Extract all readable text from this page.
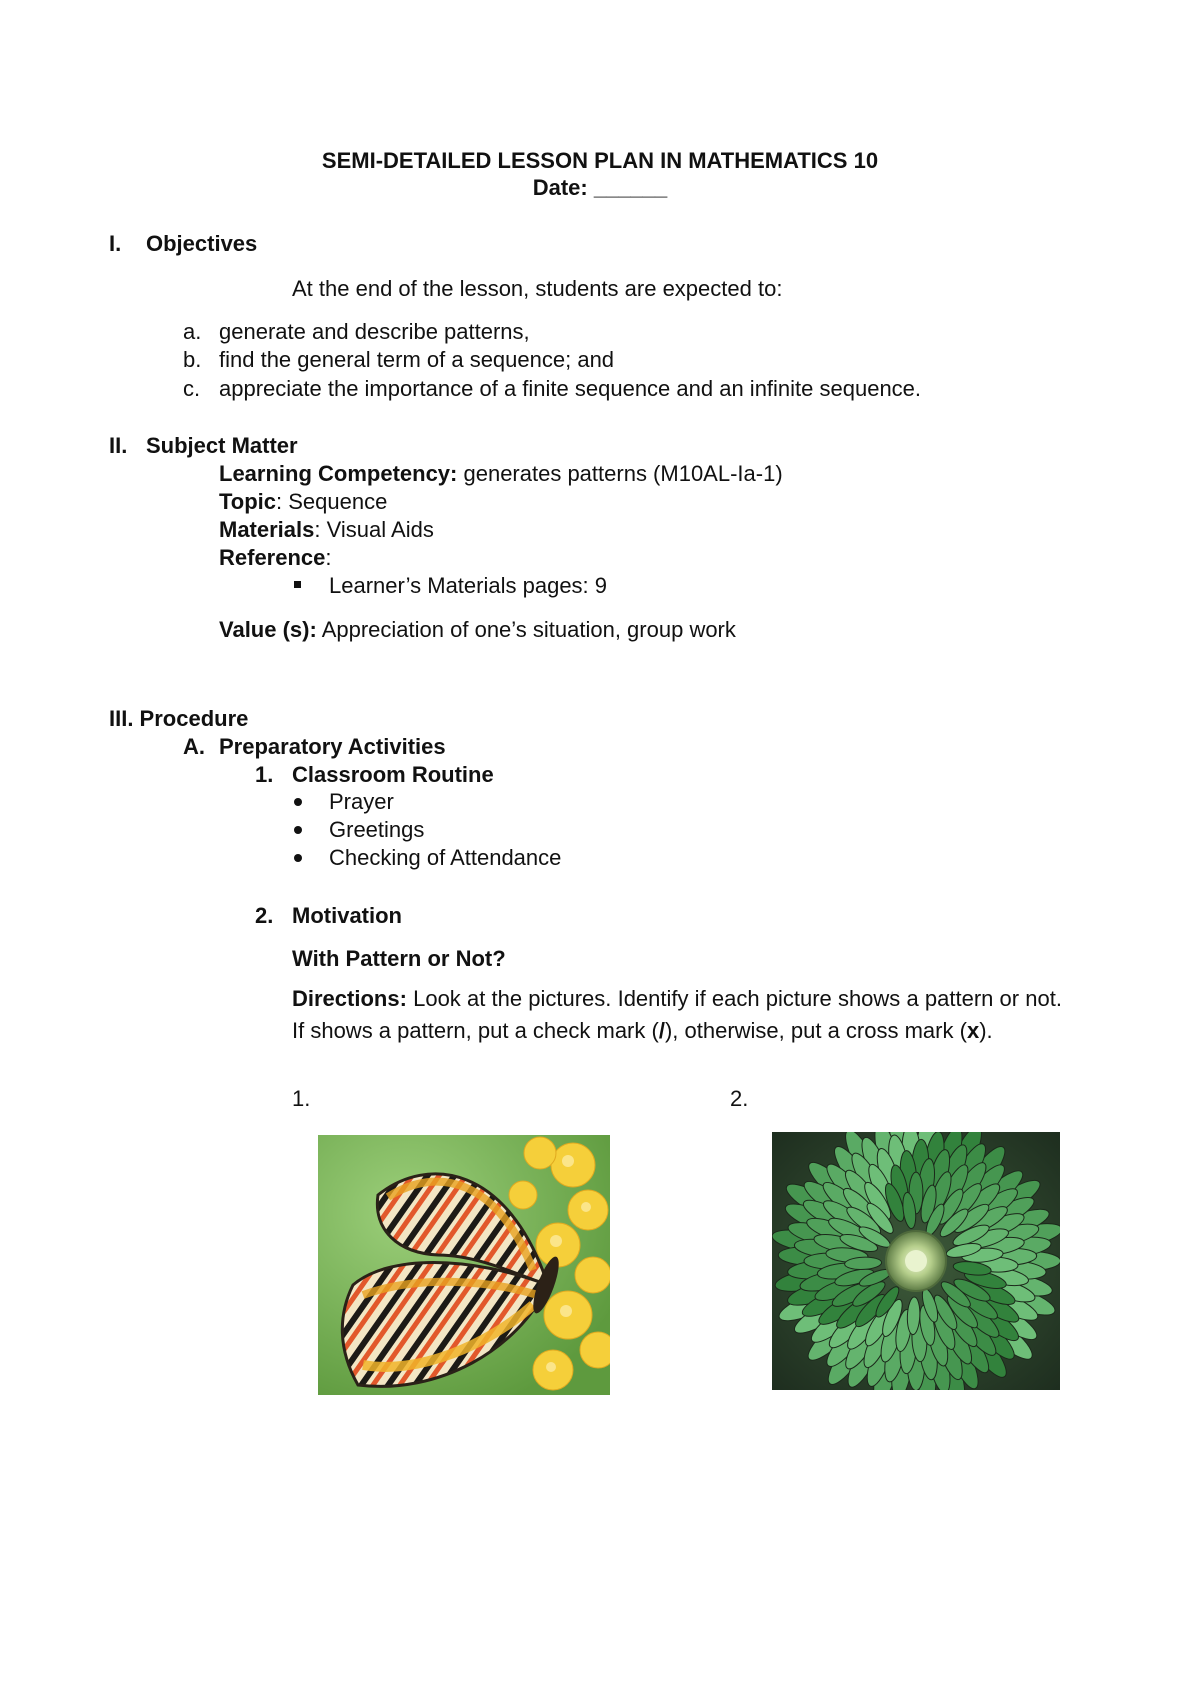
SEMI-DETAILED LESSON PLAN IN MATHEMATICS 10
Date: ______
I. Objectives
At the end of the lesson, students are expected to:
a. generate and describe patterns,
b. find the general term of a sequence; and
c. appreciate the importance of a finite sequence and an infinite sequence.
II. Subject Matter
Learning Competency: generates patterns (M10AL-Ia-1)
Topic: Sequence
Materials: Visual Aids
Reference:
Learner’s Materials pages: 9
Value (s): Appreciation of one’s situation, group work
III. Procedure
A. Preparatory Activities
1. Classroom Routine
Prayer
Greetings
Checking of Attendance
2. Motivation
With Pattern or Not?
Directions: Look at the pictures. Identify if each picture shows a pattern or not. If shows a pattern, put a check mark (/), otherwise, put a cross mark (x).
1.	2.
